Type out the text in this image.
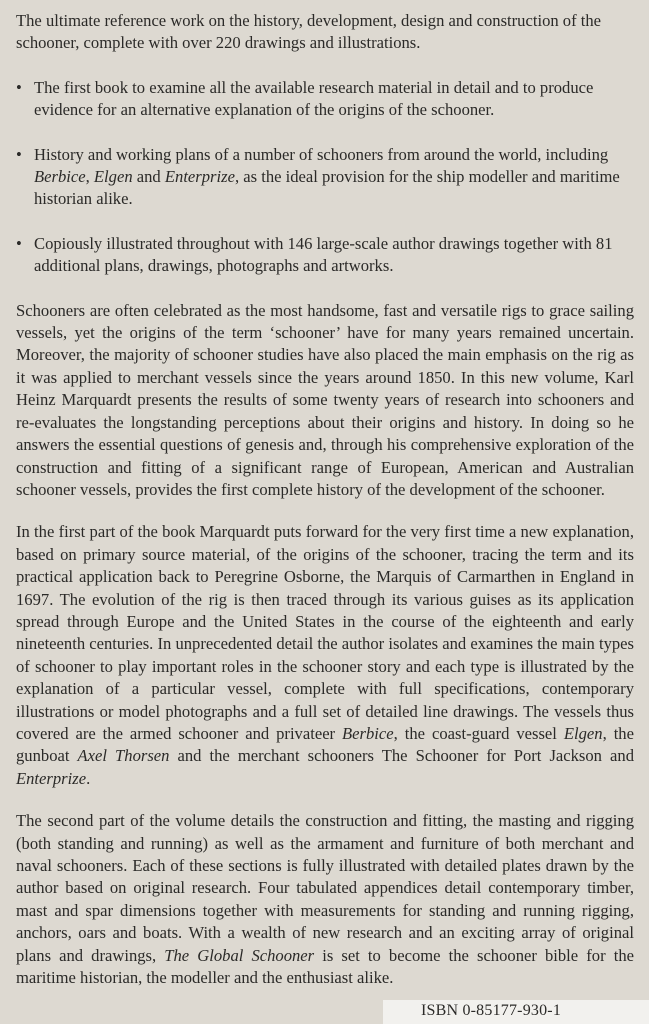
The ultimate reference work on the history, development, design and construction of the schooner, complete with over 220 drawings and illustrations.

• The first book to examine all the available research material in detail and to produce evidence for an alternative explanation of the origins of the schooner.
• History and working plans of a number of schooners from around the world, including Berbice, Elgen and Enterprize, as the ideal provision for the ship modeller and maritime historian alike.
• Copiously illustrated throughout with 146 large-scale author drawings together with 81 additional plans, drawings, photographs and artworks.

Schooners are often celebrated as the most handsome, fast and versatile rigs to grace sailing vessels, yet the origins of the term ‘schooner’ have for many years remained uncertain. Moreover, the majority of schooner studies have also placed the main emphasis on the rig as it was applied to merchant vessels since the years around 1850. In this new volume, Karl Heinz Marquardt presents the results of some twenty years of research into schooners and re-evaluates the longstanding perceptions about their origins and history. In doing so he answers the essential questions of genesis and, through his comprehensive exploration of the construction and fitting of a significant range of European, American and Australian schooner vessels, provides the first complete history of the development of the schooner.

In the first part of the book Marquardt puts forward for the very first time a new explanation, based on primary source material, of the origins of the schooner, tracing the term and its practical application back to Peregrine Osborne, the Marquis of Carmarthen in England in 1697. The evolution of the rig is then traced through its various guises as its application spread through Europe and the United States in the course of the eighteenth and early nineteenth centuries. In unprecedented detail the author isolates and examines the main types of schooner to play important roles in the schooner story and each type is illustrated by the explanation of a particular vessel, complete with full specifications, contemporary illustrations or model photographs and a full set of detailed line drawings. The vessels thus covered are the armed schooner and privateer Berbice, the coast-guard vessel Elgen, the gunboat Axel Thorsen and the merchant schooners The Schooner for Port Jackson and Enterprize.

The second part of the volume details the construction and fitting, the masting and rigging (both standing and running) as well as the armament and furniture of both merchant and naval schooners. Each of these sections is fully illustrated with detailed plates drawn by the author based on original research. Four tabulated appendices detail contemporary timber, mast and spar dimensions together with measurements for standing and running rigging, anchors, oars and boats. With a wealth of new research and an exciting array of original plans and drawings, The Global Schooner is set to become the schooner bible for the maritime historian, the modeller and the enthusiast alike.

ISBN 0-85177-930-1
